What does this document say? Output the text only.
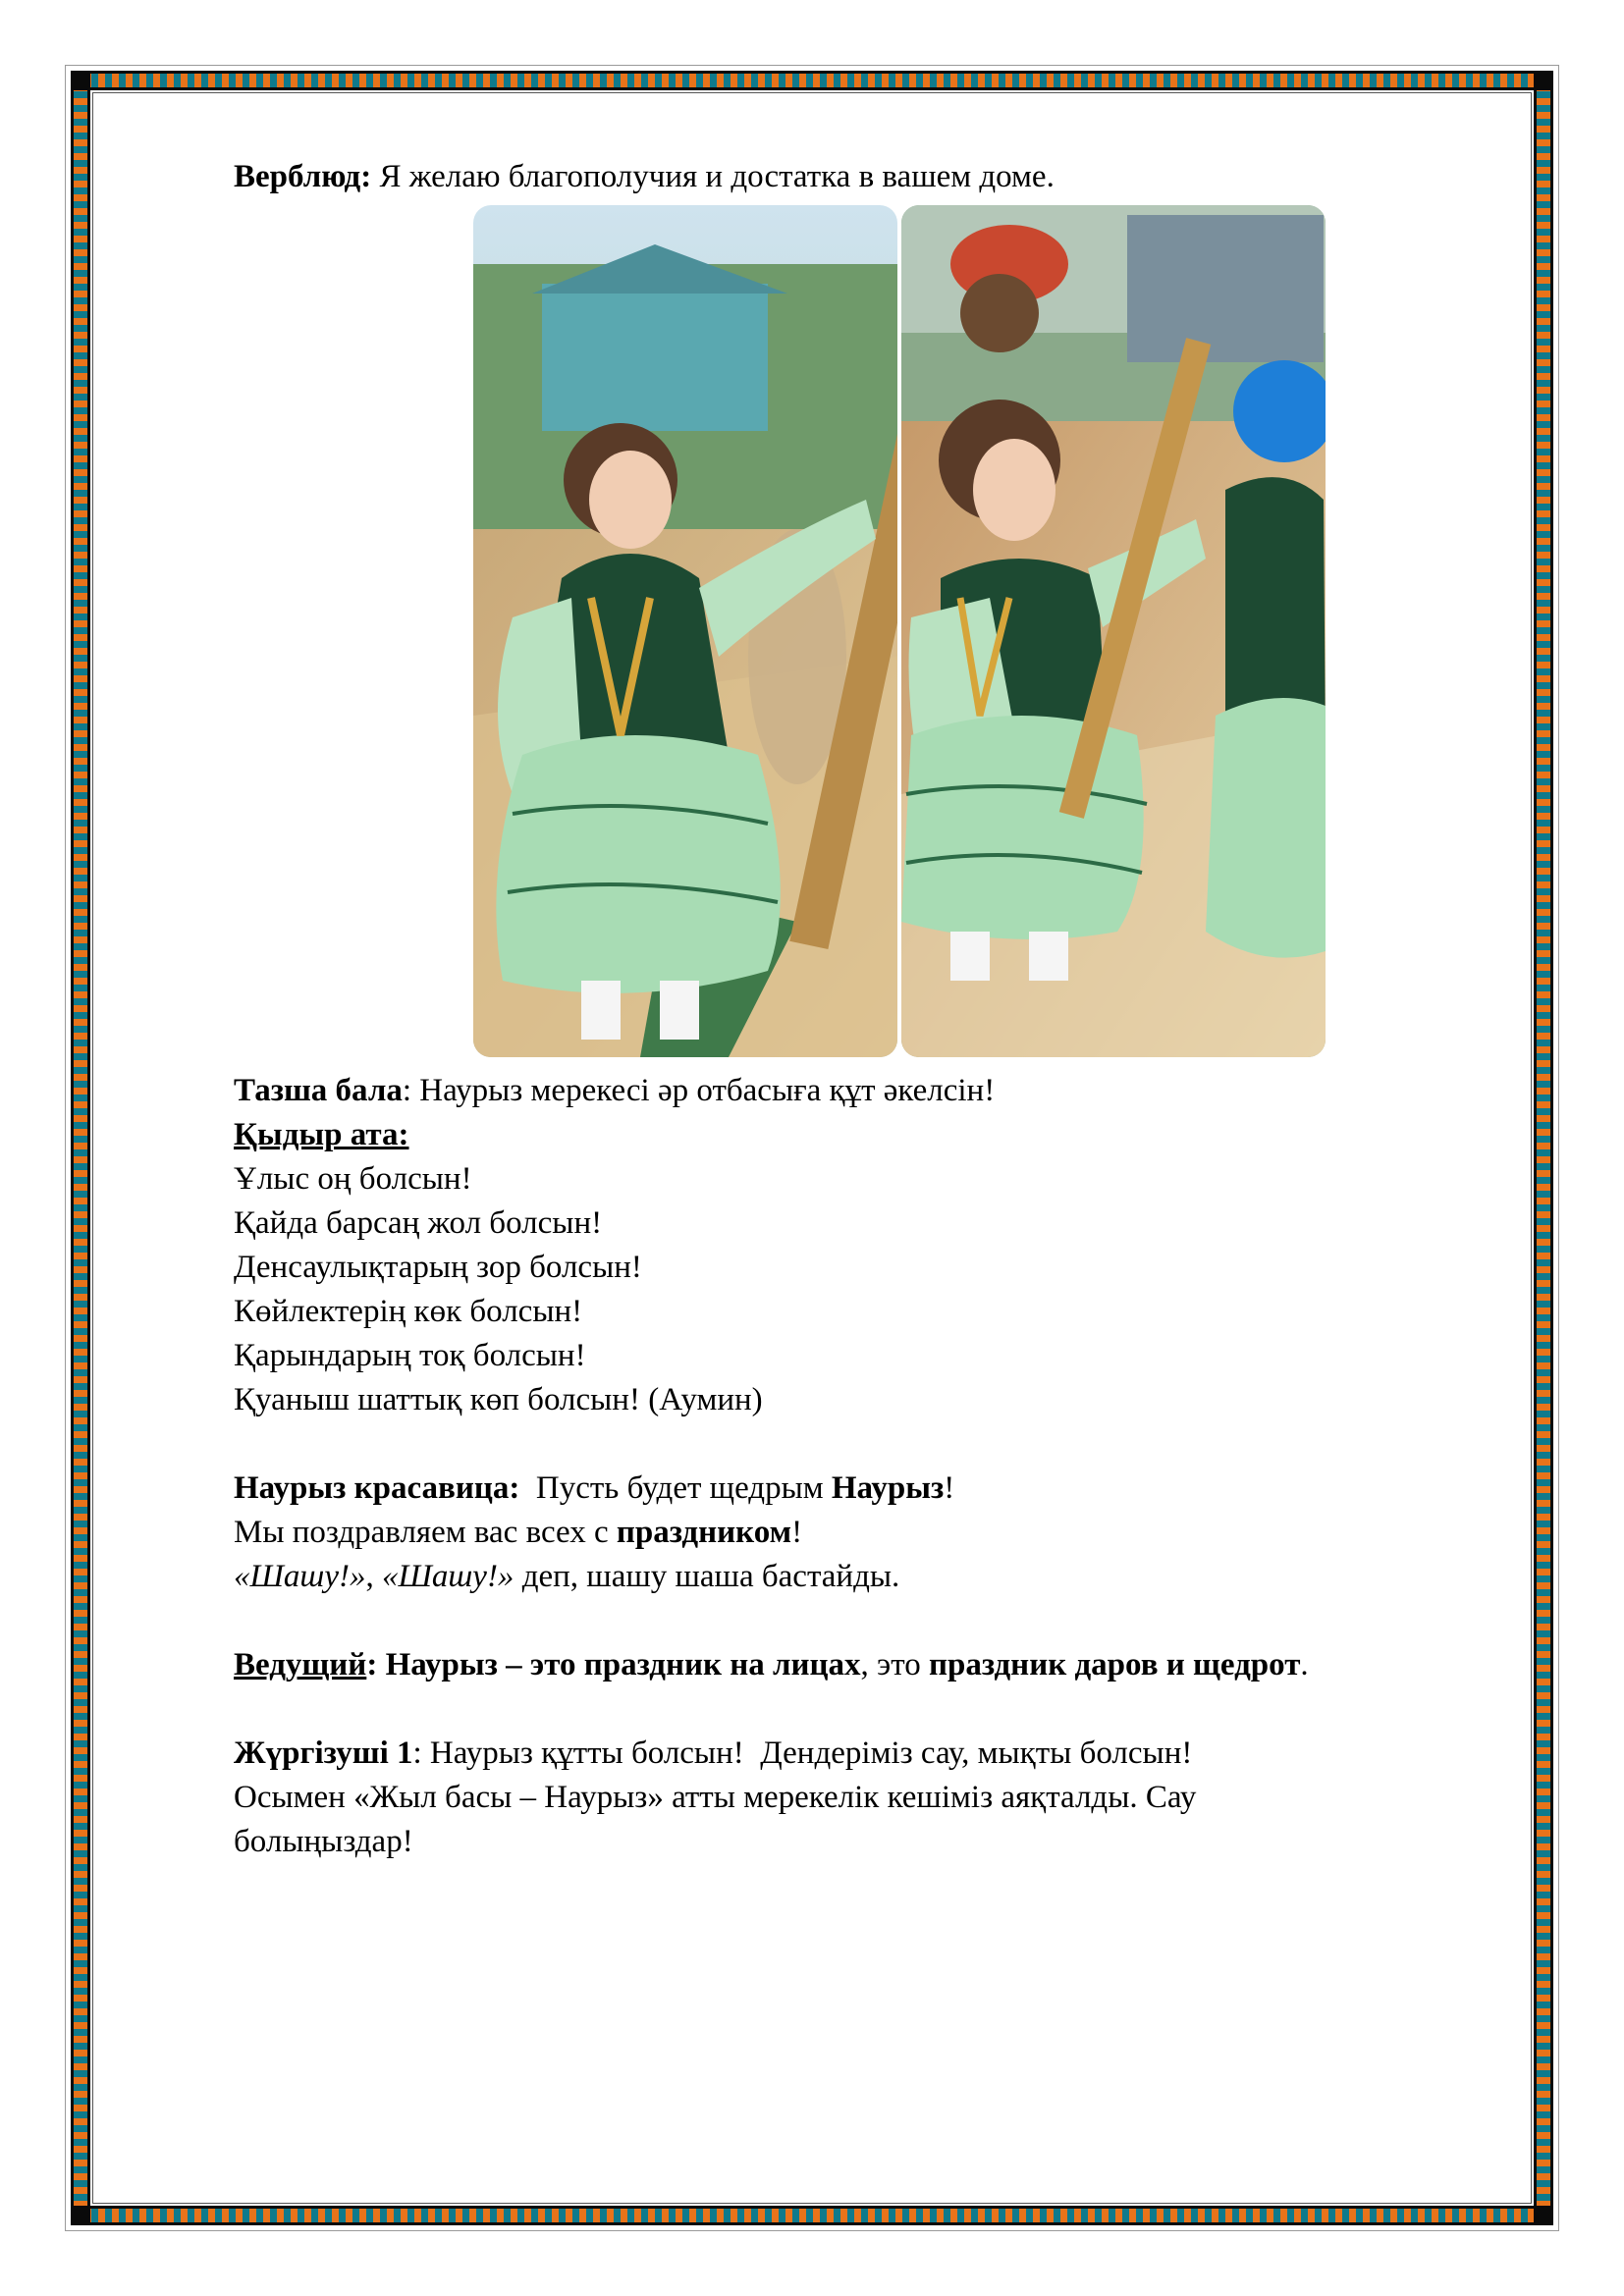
Верблюд: Я желаю благополучия и достатка в вашем доме.

Тазша бала: Наурыз мерекесі әр отбасыға құт әкелсін!

Қыдыр ата:

Ұлыс оң болсын!

Қайда барсаң жол болсын!

Денсаулықтарың зор болсын!

Көйлектерің көк болсын!

Қарындарың тоқ болсын!

Қуаныш шаттық көп болсын! (Аумин)

Наурыз красавица:  Пусть будет щедрым Наурыз!

Мы поздравляем вас всех с праздником!

«Шашу!», «Шашу!» деп, шашу шаша бастайды.

Ведущий: Наурыз – это праздник на лицах, это праздник даров и щедрот.

Жүргізуші 1: Наурыз құтты болсын!  Дендеріміз сау, мықты болсын!

Осымен «Жыл басы – Наурыз» атты мерекелік кешіміз аяқталды. Сау

болыңыздар!
